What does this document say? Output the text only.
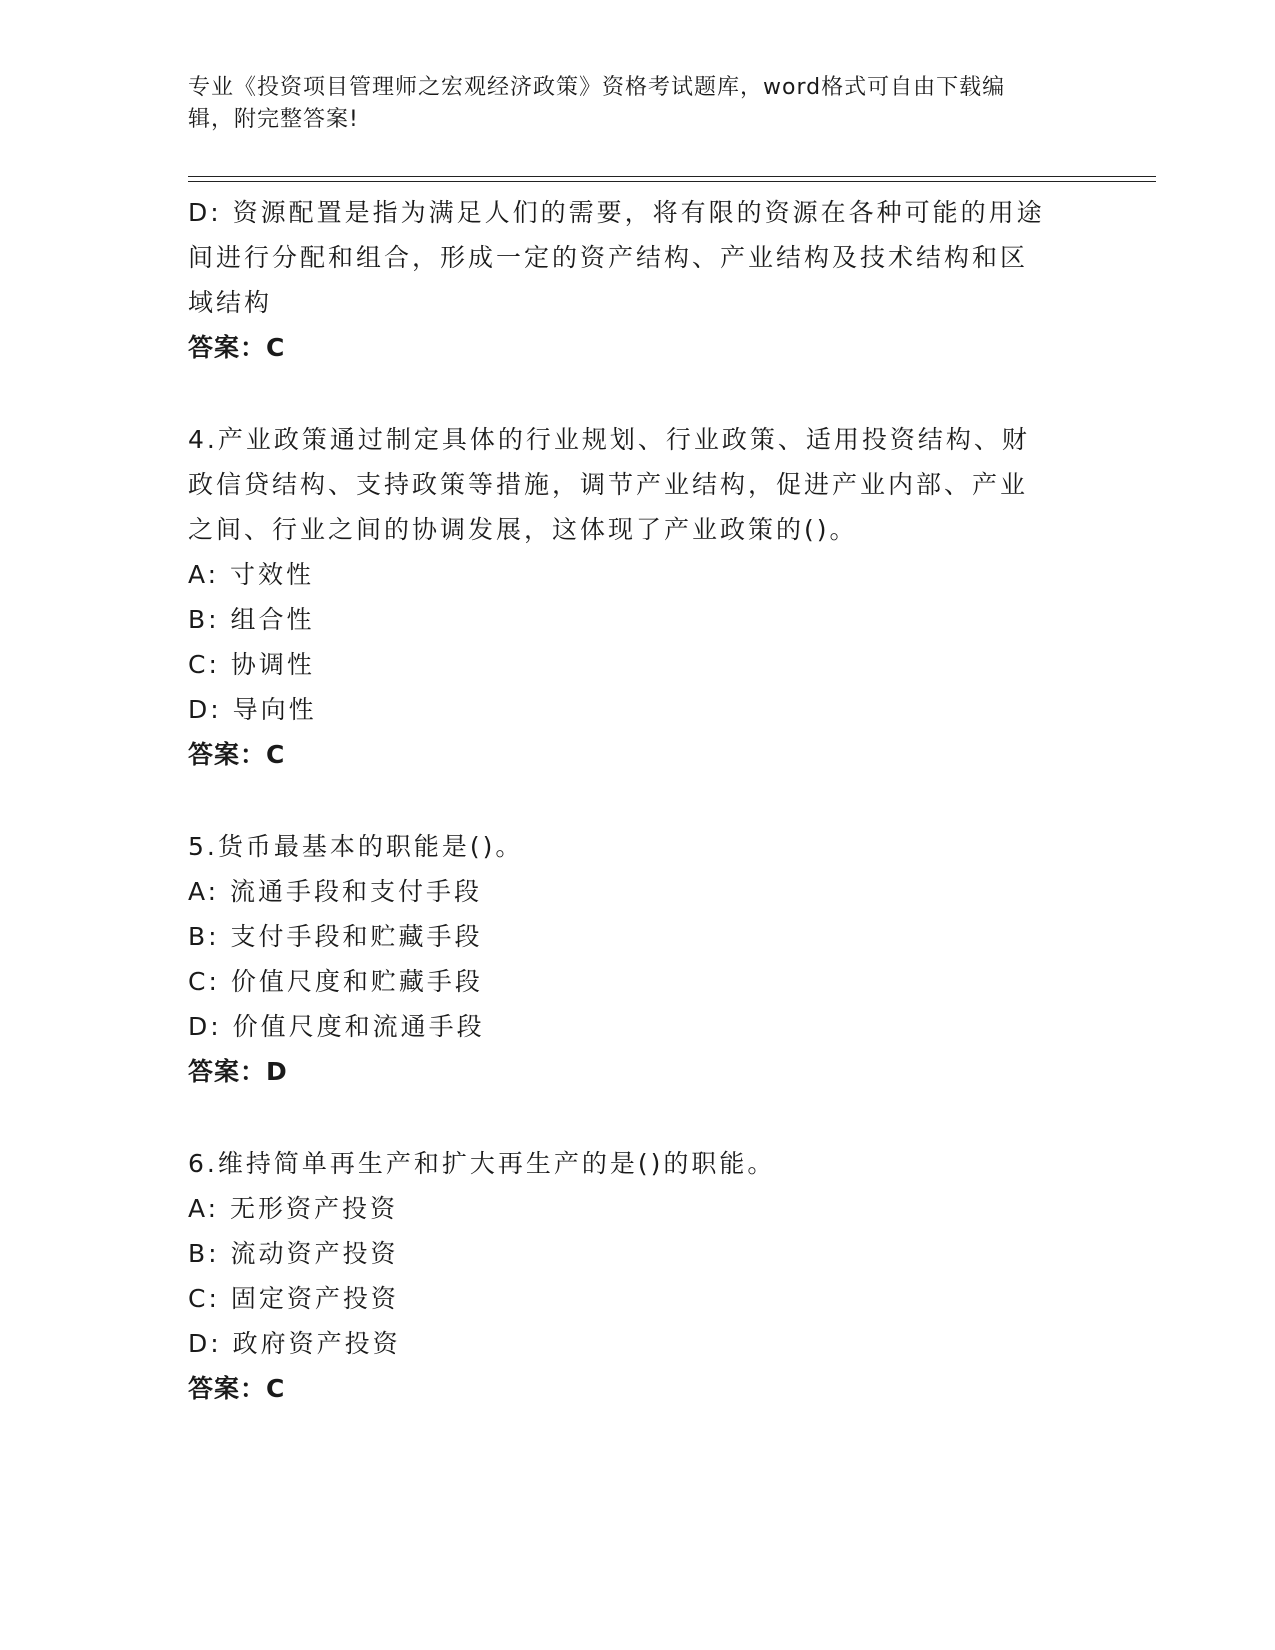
专业《投资项目管理师之宏观经济政策》资格考试题库，word格式可自由下载编
辑，附完整答案!
D: 资源配置是指为满足人们的需要，将有限的资源在各种可能的用途
间进行分配和组合，形成一定的资产结构、产业结构及技术结构和区
域结构
答案：C
4.产业政策通过制定具体的行业规划、行业政策、适用投资结构、财
政信贷结构、支持政策等措施，调节产业结构，促进产业内部、产业
之间、行业之间的协调发展，这体现了产业政策的()。
A: 寸效性
B: 组合性
C: 协调性
D: 导向性
答案：C
5.货币最基本的职能是()。
A: 流通手段和支付手段
B: 支付手段和贮藏手段
C: 价值尺度和贮藏手段
D: 价值尺度和流通手段
答案：D
6.维持简单再生产和扩大再生产的是()的职能。
A: 无形资产投资
B: 流动资产投资
C: 固定资产投资
D: 政府资产投资
答案：C
